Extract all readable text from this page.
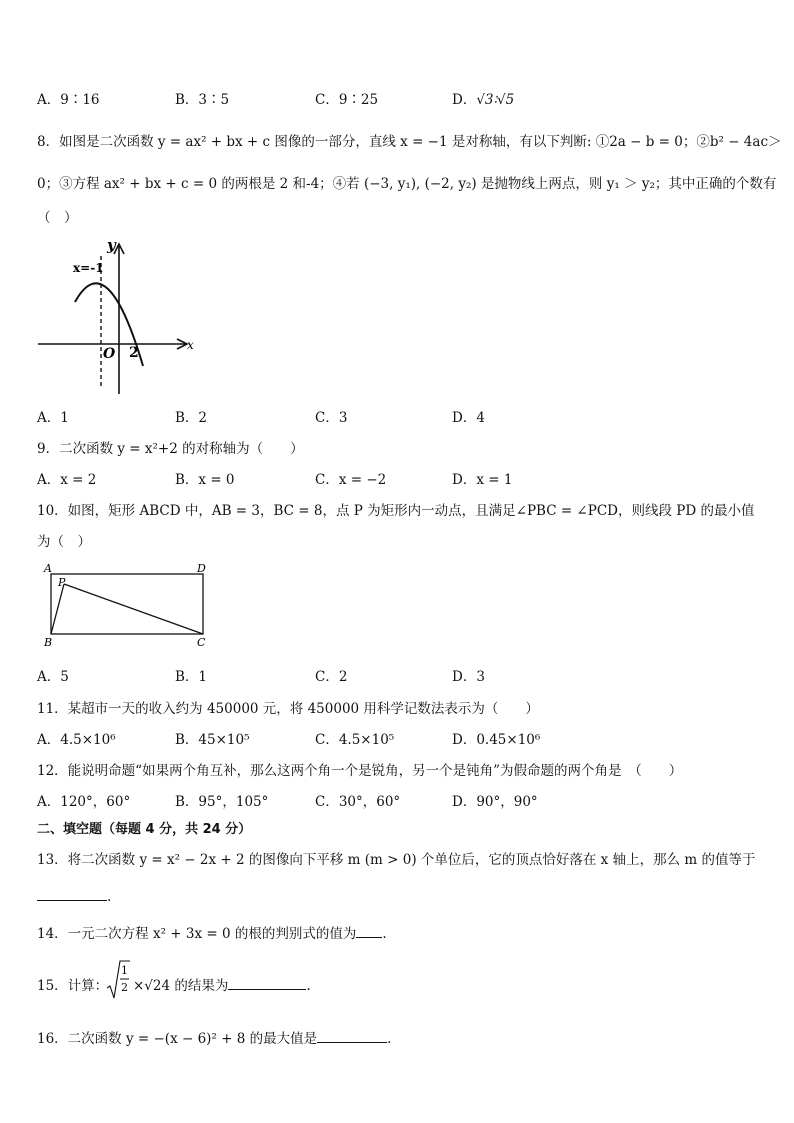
A．9∶16	B．3∶5	C．9∶25	D．√3∶√5
8．如图是二次函数 y = ax² + bx + c 图像的一部分，直线 x = −1 是对称轴，有以下判断: ①2a − b = 0；②b² − 4ac＞
0；③方程 ax² + bx + c = 0 的两根是 2 和-4；④若 (−3, y₁), (−2, y₂) 是抛物线上两点，则 y₁ ＞ y₂；其中正确的个数有
（　）
y
x
x=-1
O 2
A．1	B．2	C．3	D．4
9．二次函数 y = x²+2 的对称轴为（　　）
A．x = 2	B．x = 0	C．x = −2	D．x = 1
10．如图，矩形 ABCD 中，AB = 3，BC = 8，点 P 为矩形内一动点，且满足∠PBC = ∠PCD，则线段 PD 的最小值
为（　）
A	D
P
B	C
A．5	B．1	C．2	D．3
11．某超市一天的收入约为 450000 元，将 450000 用科学记数法表示为（　　）
A．4.5×10⁶	B．45×10⁵	C．4.5×10⁵	D．0.45×10⁶
12．能说明命题“如果两个角互补，那么这两个角一个是锐角，另一个是钝角”为假命题的两个角是　（　　）
A．120°，60°	B．95°，105°	C．30°，60°	D．90°，90°
二、填空题（每题 4 分，共 24 分）
13．将二次函数 y = x² − 2x + 2 的图像向下平移 m (m > 0) 个单位后，它的顶点恰好落在 x 轴上，那么 m 的值等于
.
14．一元二次方程 x² + 3x = 0 的根的判别式的值为 .
15．计算：
1
2 ×√24 的结果为	.
16．二次函数 y = −(x − 6)² + 8 的最大值是	.
